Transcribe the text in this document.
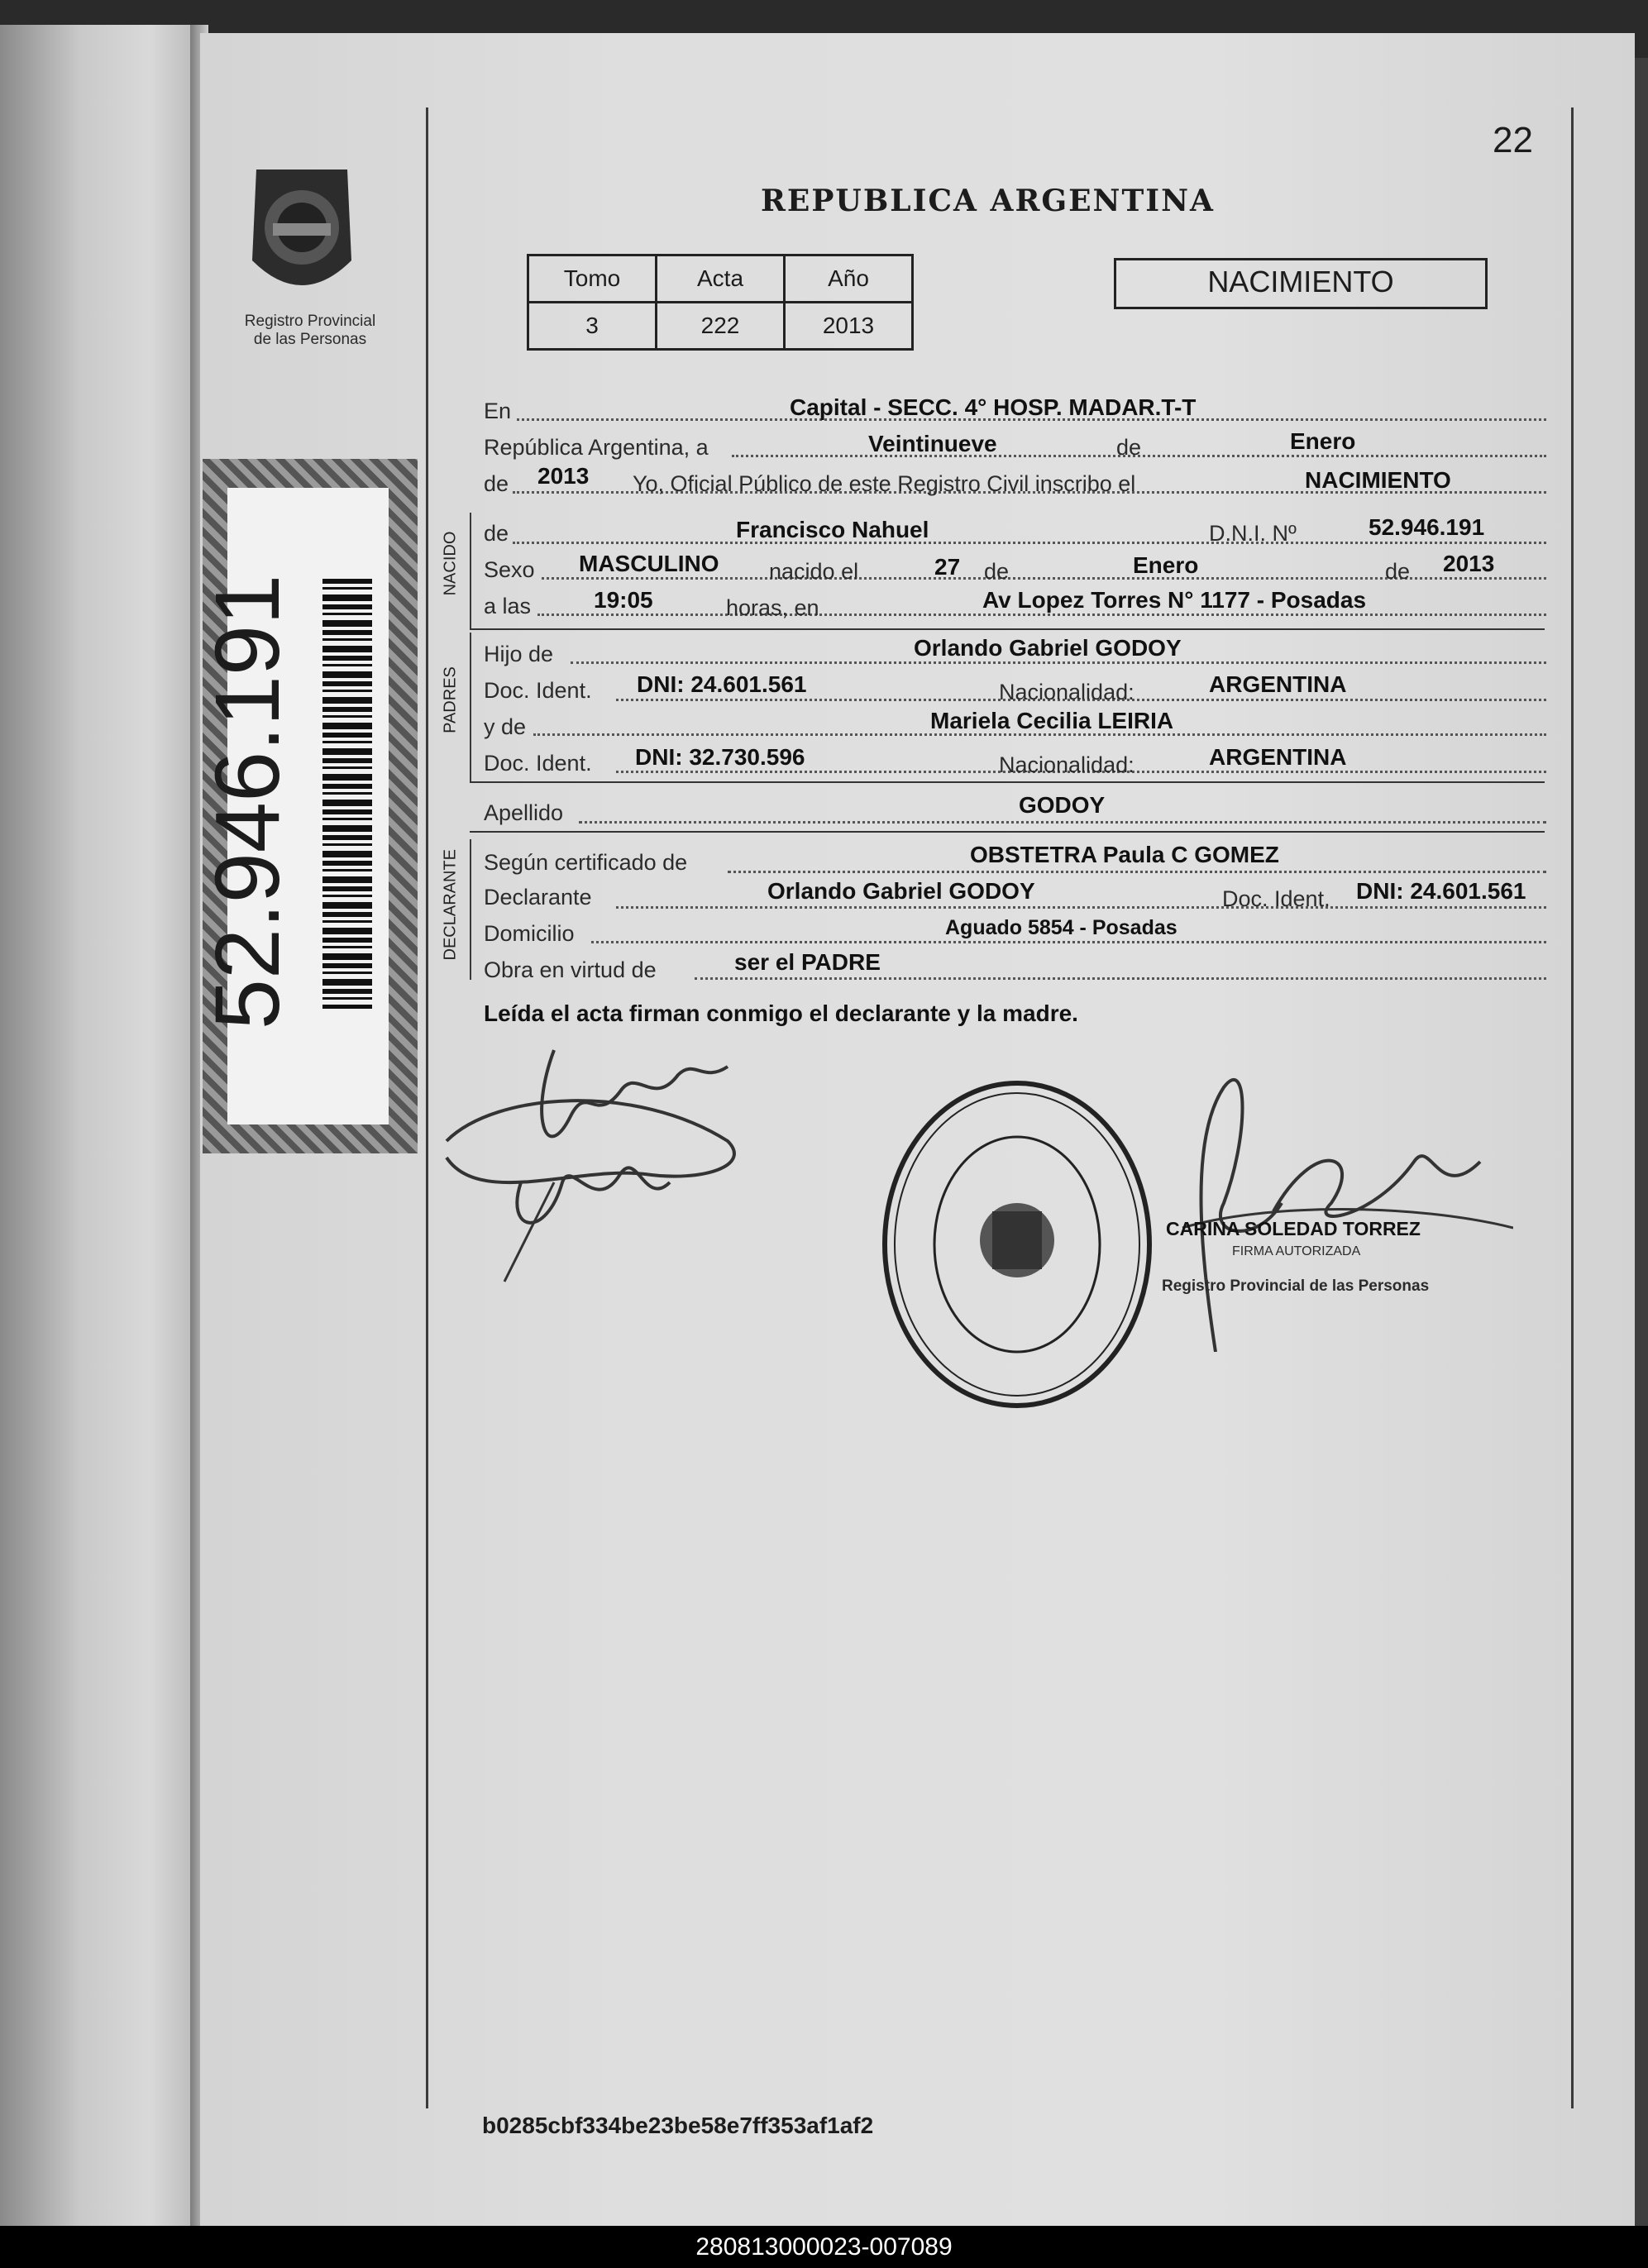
Registro Provincial
de las Personas
52.946.191
22
REPUBLICA ARGENTINA
Tomo	Acta	Año
3	222	2013
NACIMIENTO
NACIDO
PADRES
DECLARANTE
En	Capital - SECC. 4° HOSP. MADAR.T-T
República Argentina, a	Veintinueve	de	Enero
de 2013 Yo, Oficial Público de este Registro Civil inscribo el	NACIMIENTO
de	Francisco Nahuel	D.N.I. Nº	52.946.191
Sexo MASCULINO nacido el	27 de	Enero	de 2013
a las	19:05	horas, en	Av Lopez Torres N° 1177 - Posadas
Hijo de	Orlando Gabriel GODOY
Doc. Ident. DNI: 24.601.561	Nacionalidad:	ARGENTINA
y de	Mariela Cecilia LEIRIA
Doc. Ident. DNI: 32.730.596	Nacionalidad:	ARGENTINA
Apellido	GODOY
Según certificado de	OBSTETRA Paula C GOMEZ
Declarante	Orlando Gabriel GODOY	Doc. Ident. DNI: 24.601.561
Domicilio	Aguado 5854 - Posadas
Obra en virtud de	ser el PADRE
Leída el acta firman conmigo el declarante y la madre.
CARINA SOLEDAD TORREZ
FIRMA AUTORIZADA
Registro Provincial de las Personas
b0285cbf334be23be58e7ff353af1af2
280813000023-007089
